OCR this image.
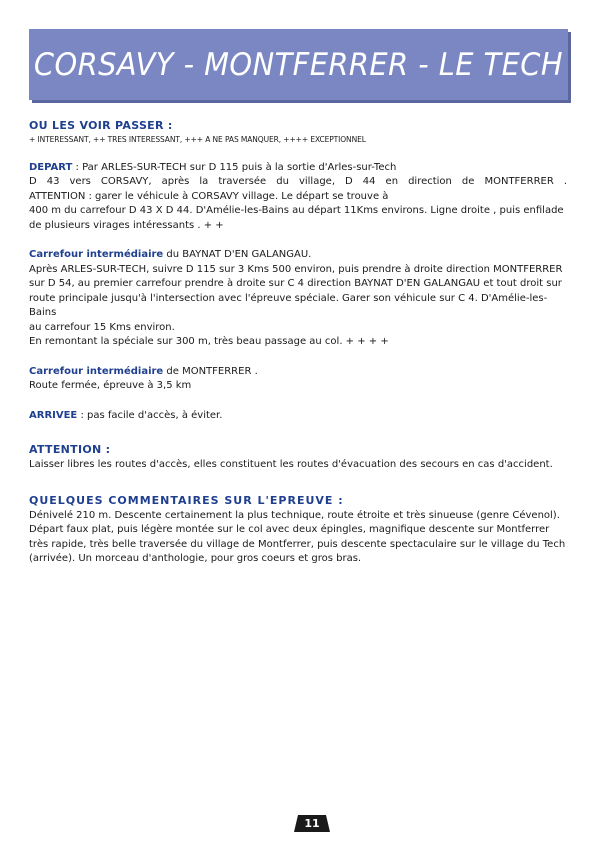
CORSAVY - MONTFERRER - LE TECH

OU LES VOIR PASSER :

+ INTERESSANT, ++ TRES INTERESSANT, +++ A NE PAS MANQUER, ++++ EXCEPTIONNEL

DEPART : Par ARLES-SUR-TECH sur D 115 puis à la sortie d'Arles-sur-Tech

D 43 vers CORSAVY, après la traversée du village, D 44 en direction de MONTFERRER .

ATTENTION : garer le véhicule à CORSAVY village. Le départ se trouve à

400 m du carrefour D 43 X D 44. D'Amélie-les-Bains au départ 11Kms environs. Ligne droite , puis enfilade

de plusieurs virages intéressants . + +

Carrefour intermédiaire du BAYNAT D'EN GALANGAU.

Après ARLES-SUR-TECH, suivre D 115 sur 3 Kms 500 environ, puis prendre à droite direction MONTFERRER

sur D 54, au premier carrefour prendre à droite sur C 4 direction BAYNAT D'EN GALANGAU et tout droit sur

route principale jusqu'à l'intersection avec l'épreuve spéciale. Garer son véhicule sur C 4. D'Amélie-les-Bains

au carrefour 15 Kms environ.

En remontant la spéciale sur 300 m, très beau passage au col. + + + +

Carrefour intermédiaire de MONTFERRER .

Route fermée, épreuve à 3,5 km

ARRIVEE : pas facile d'accès, à éviter.

ATTENTION :

Laisser libres les routes d'accès, elles constituent les routes d'évacuation des secours en cas d'accident.

QUELQUES COMMENTAIRES SUR L'EPREUVE :

Dénivelé 210 m. Descente certainement la plus technique, route étroite et très sinueuse (genre Cévenol).

Départ faux plat, puis légère montée sur le col avec deux épingles, magnifique descente sur Montferrer

très rapide, très belle traversée du village de Montferrer, puis descente spectaculaire sur le village du Tech

(arrivée). Un morceau d'anthologie, pour gros coeurs et gros bras.

11
